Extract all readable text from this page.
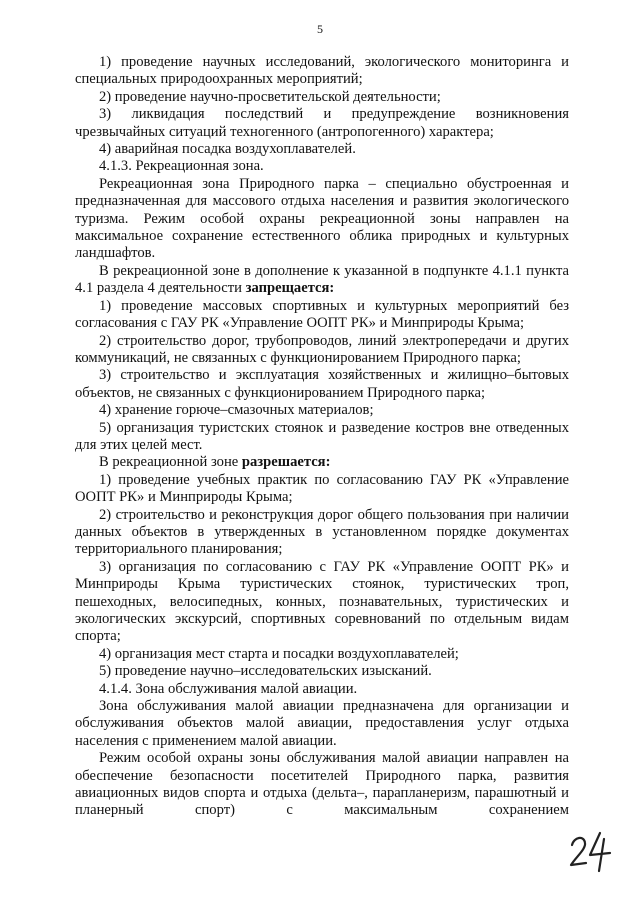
5

1) проведение научных исследований, экологического мониторинга и специальных природоохранных мероприятий;

2) проведение научно-просветительской деятельности;

3) ликвидация последствий и предупреждение возникновения чрезвычайных ситуаций техногенного (антропогенного) характера;

4) аварийная посадка воздухоплавателей.

4.1.3. Рекреационная зона.

Рекреационная зона Природного парка – специально обустроенная и предназначенная для массового отдыха населения и развития экологического туризма. Режим особой охраны рекреационной зоны направлен на максимальное сохранение естественного облика природных и культурных ландшафтов.

В рекреационной зоне в дополнение к указанной в подпункте 4.1.1 пункта 4.1 раздела 4 деятельности запрещается:

1) проведение массовых спортивных и культурных мероприятий без согласования с ГАУ РК «Управление ООПТ РК» и Минприроды Крыма;

2) строительство дорог, трубопроводов, линий электропередачи и других коммуникаций, не связанных с функционированием Природного парка;

3) строительство и эксплуатация хозяйственных и жилищно–бытовых объектов, не связанных с функционированием Природного парка;

4) хранение горюче–смазочных материалов;

5) организация туристских стоянок и разведение костров вне отведенных для этих целей мест.

В рекреационной зоне разрешается:

1) проведение учебных практик по согласованию ГАУ РК «Управление ООПТ РК» и Минприроды Крыма;

2) строительство и реконструкция дорог общего пользования при наличии данных объектов в утвержденных в установленном порядке документах территориального планирования;

3) организация по согласованию с ГАУ РК «Управление ООПТ РК» и Минприроды Крыма туристических стоянок, туристических троп, пешеходных, велосипедных, конных, познавательных, туристических и экологических экскурсий, спортивных соревнований по отдельным видам спорта;

4) организация мест старта и посадки воздухоплавателей;

5) проведение научно–исследовательских изысканий.

4.1.4. Зона обслуживания малой авиации.

Зона обслуживания малой авиации предназначена для организации и обслуживания объектов малой авиации, предоставления услуг отдыха населения с применением малой авиации.

Режим особой охраны зоны обслуживания малой авиации направлен на обеспечение безопасности посетителей Природного парка, развития авиационных видов спорта и отдыха (дельта–, парапланеризм, парашютный и планерный спорт) с максимальным сохранением
